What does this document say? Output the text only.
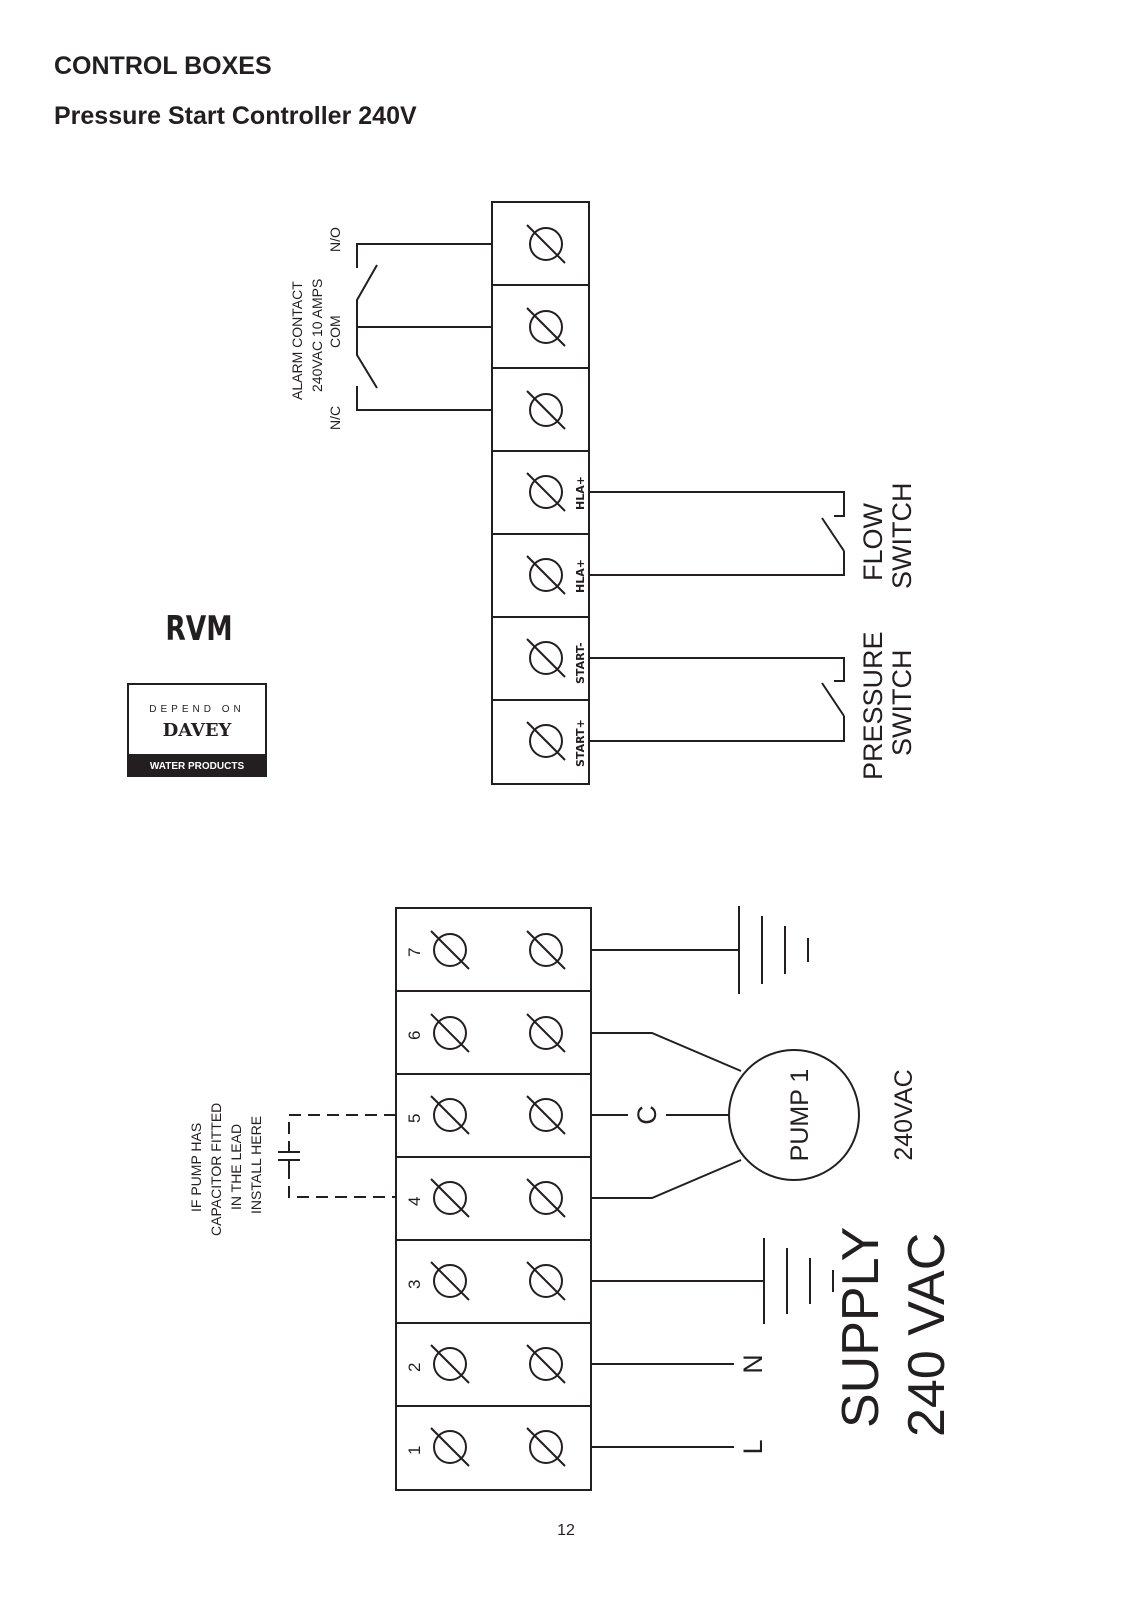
CONTROL BOXES
Pressure Start Controller 240V
RVM
DEPEND ON
DAVEY
WATER PRODUCTS
HLA+
HLA+
START-
START+
ALARM CONTACT 240VAC 10 AMPS
N/O
COM
N/C
FLOW SWITCH
PRESSURE SWITCH
7
6
5
4
3
2
1
IF PUMP HAS CAPACITOR FITTED IN THE LEAD INSTALL HERE
C	PUMP 1	240VAC
N
L
SUPPLY 240 VAC
12
